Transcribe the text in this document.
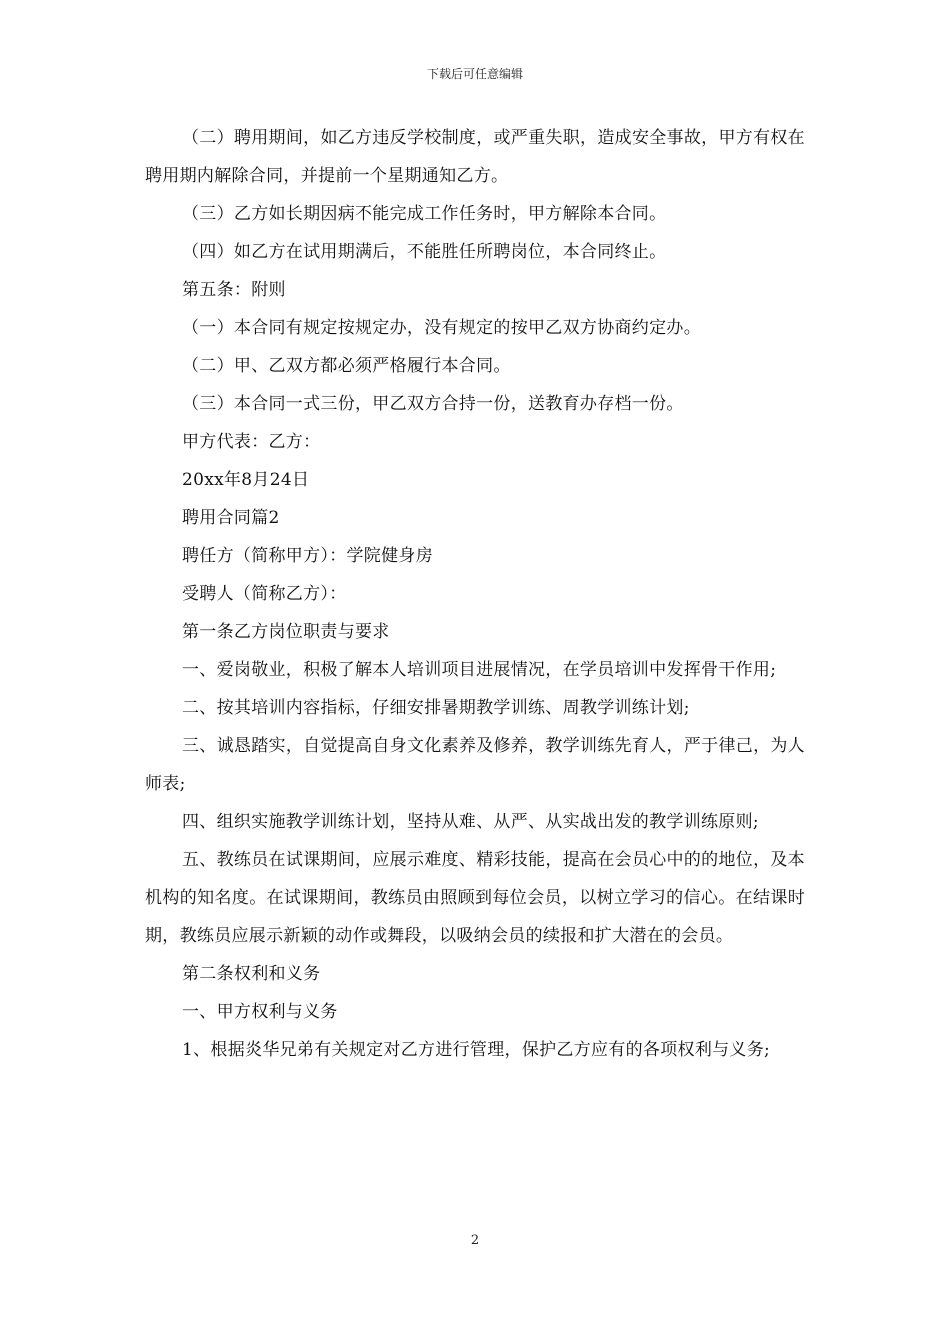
下载后可任意编辑

（二）聘用期间，如乙方违反学校制度，或严重失职，造成安全事故，甲方有权在聘用期内解除合同，并提前一个星期通知乙方。

（三）乙方如长期因病不能完成工作任务时，甲方解除本合同。

（四）如乙方在试用期满后，不能胜任所聘岗位，本合同终止。

第五条：附则

（一）本合同有规定按规定办，没有规定的按甲乙双方协商约定办。

（二）甲、乙双方都必须严格履行本合同。

（三）本合同一式三份，甲乙双方合持一份，送教育办存档一份。

甲方代表：乙方：

20xx年8月24日

聘用合同篇2

聘任方（简称甲方）：学院健身房

受聘人（简称乙方）：

第一条乙方岗位职责与要求

一、爱岗敬业，积极了解本人培训项目进展情况，在学员培训中发挥骨干作用;

二、按其培训内容指标，仔细安排暑期教学训练、周教学训练计划;

三、诚恳踏实，自觉提高自身文化素养及修养，教学训练先育人，严于律己，为人师表;

四、组织实施教学训练计划，坚持从难、从严、从实战出发的教学训练原则;

五、教练员在试课期间，应展示难度、精彩技能，提高在会员心中的的地位，及本机构的知名度。在试课期间，教练员由照顾到每位会员，以树立学习的信心。在结课时期，教练员应展示新颖的动作或舞段，以吸纳会员的续报和扩大潜在的会员。

第二条权利和义务

一、甲方权利与义务

1、根据炎华兄弟有关规定对乙方进行管理，保护乙方应有的各项权利与义务;

2
